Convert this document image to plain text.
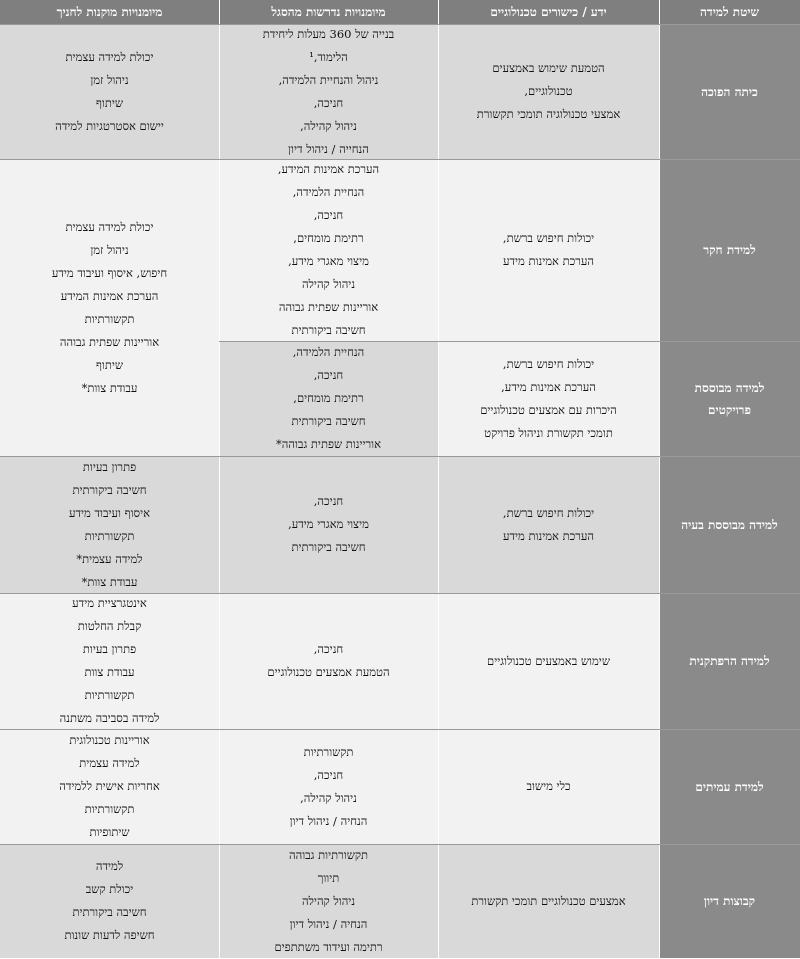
שיטת למידה
ידע / כישורים טכנולוגיים
מיומנויות נדרשות מהסגל
מיומנויות מוקנות לחניך
כיתה הפוכה
הטמעת שימוש באמצעים
טכנולוגיים,
אמצעי טכנולוגיה תומכי תקשורת
בנייה של 360 מעלות ליחידת
הלימוד,¹
ניהול והנחיית הלמידה,
חניכה,
ניהול קהילה,
הנחייה / ניהול דיון
יכולת למידה עצמית
ניהול זמן
שיתוף
יישום אסטרטגיות למידה
למידת חקר
יכולות חיפוש ברשת,
הערכת אמינות מידע
הערכת אמינות המידע,
הנחיית הלמידה,
חניכה,
רתימת מומחים,
מיצוי מאגרי מידע,
ניהול קהילה
אוריינות שפתית גבוהה
חשיבה ביקורתית
יכולת למידה עצמית
ניהול זמן
חיפוש, איסוף ועיבוד מידע
הערכת אמינות המידע
תקשורתיות
אוריינות שפתית גבוהה
שיתוף
עבודת צוות*	למידה מבוססת
פרויקטים
יכולות חיפוש ברשת,
הערכת אמינות מידע,
היכרות עם אמצעים טכנולוגיים
תומכי תקשורת וניהול פרויקט
הנחיית הלמידה,
חניכה,
רתימת מומחים,
חשיבה ביקורתית
אוריינות שפתית גבוהה*
למידה מבוססת בעיה
יכולות חיפוש ברשת,
הערכת אמינות מידע
חניכה,
מיצוי מאגרי מידע,
חשיבה ביקורתית
פתרון בעיות
חשיבה ביקורתית
איסוף ועיבוד מידע
תקשורתיות
למידה עצמית*
עבודת צוות*
למידה הרפתקנית
שימוש באמצעים טכנולוגיים
חניכה,
הטמעת אמצעים טכנולוגיים
אינטגרציית מידע
קבלת החלטות
פתרון בעיות
עבודת צוות
תקשורתיות
למידה בסביבה משתנה
למידת עמיתים
כלי מישוב
תקשורתיות
חניכה,
ניהול קהילה,
הנחיה / ניהול דיון
אוריינות טכנולוגית
למידה עצמית
אחריות אישית ללמידה
תקשורתיות
שיתופיות
קבוצות דיון
אמצעים טכנולוגיים תומכי תקשורת
תקשורתיות גבוהה
תיווך
ניהול קהילה
הנחיה / ניהול דיון
רתימה ועידוד משתתפים
למידה
יכולת קשב
חשיבה ביקורתית
חשיפה לדעות שונות
